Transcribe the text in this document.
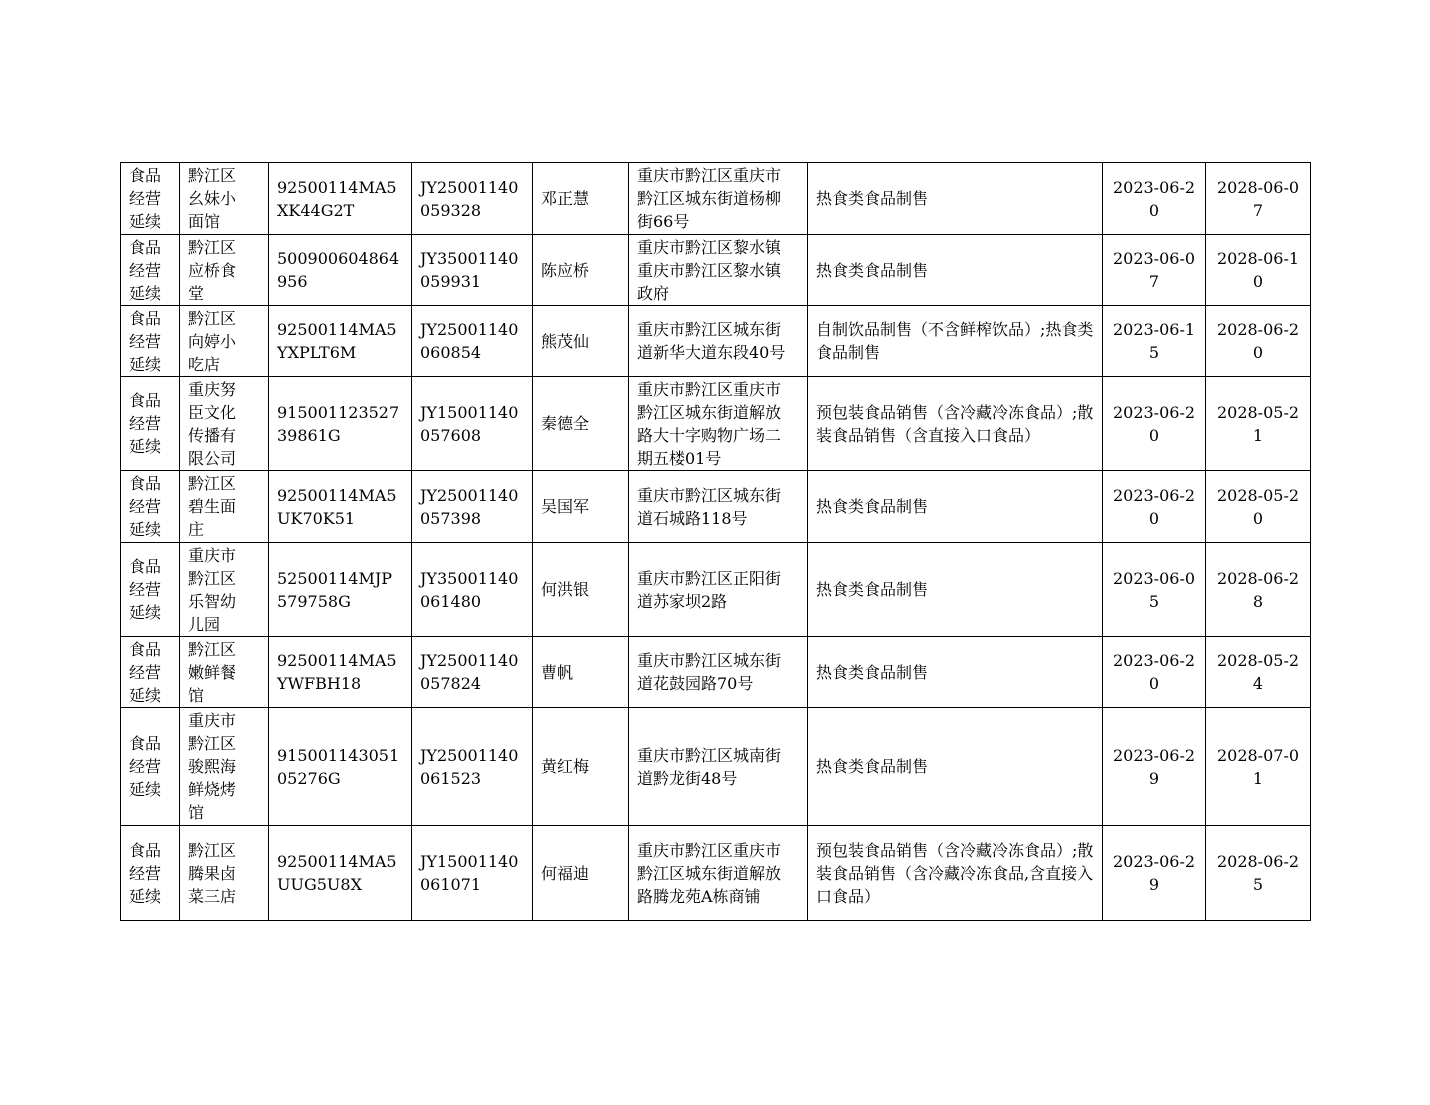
食品经营延续	黔江区幺妹小面馆	92500114MA5XK44G2T	JY25001140059328	邓正慧	重庆市黔江区重庆市黔江区城东街道杨柳街66号	热食类食品制售	2023-06-20	2028-06-07

食品经营延续	黔江区应桥食堂	500900604864956	JY35001140059931	陈应桥	重庆市黔江区黎水镇重庆市黔江区黎水镇政府	热食类食品制售	2023-06-07	2028-06-10

食品经营延续	黔江区向婷小吃店	92500114MA5YXPLT6M	JY25001140060854	熊茂仙	重庆市黔江区城东街道新华大道东段40号	自制饮品制售（不含鲜榨饮品）;热食类食品制售	2023-06-15	2028-06-20

食品经营延续	重庆努臣文化传播有限公司	91500112352739861G	JY15001140057608	秦德全	重庆市黔江区重庆市黔江区城东街道解放路大十字购物广场二期五楼01号	预包装食品销售（含冷藏冷冻食品）;散装食品销售（含直接入口食品）	2023-06-20	2028-05-21

食品经营延续	黔江区碧生面庄	92500114MA5UK70K51	JY25001140057398	吴国军	重庆市黔江区城东街道石城路118号	热食类食品制售	2023-06-20	2028-05-20

食品经营延续	重庆市黔江区乐智幼儿园	52500114MJP579758G	JY35001140061480	何洪银	重庆市黔江区正阳街道苏家坝2路	热食类食品制售	2023-06-05	2028-06-28

食品经营延续	黔江区嫩鲜餐馆	92500114MA5YWFBH18	JY25001140057824	曹帆	重庆市黔江区城东街道花鼓园路70号	热食类食品制售	2023-06-20	2028-05-24

食品经营延续	重庆市黔江区骏熙海鲜烧烤馆	91500114305105276G	JY25001140061523	黄红梅	重庆市黔江区城南街道黔龙街48号	热食类食品制售	2023-06-29	2028-07-01

食品经营延续	黔江区腾果卤菜三店	92500114MA5UUG5U8X	JY15001140061071	何福迪	重庆市黔江区重庆市黔江区城东街道解放路腾龙苑A栋商铺	预包装食品销售（含冷藏冷冻食品）;散装食品销售（含冷藏冷冻食品,含直接入口食品）	2023-06-29	2028-06-25
